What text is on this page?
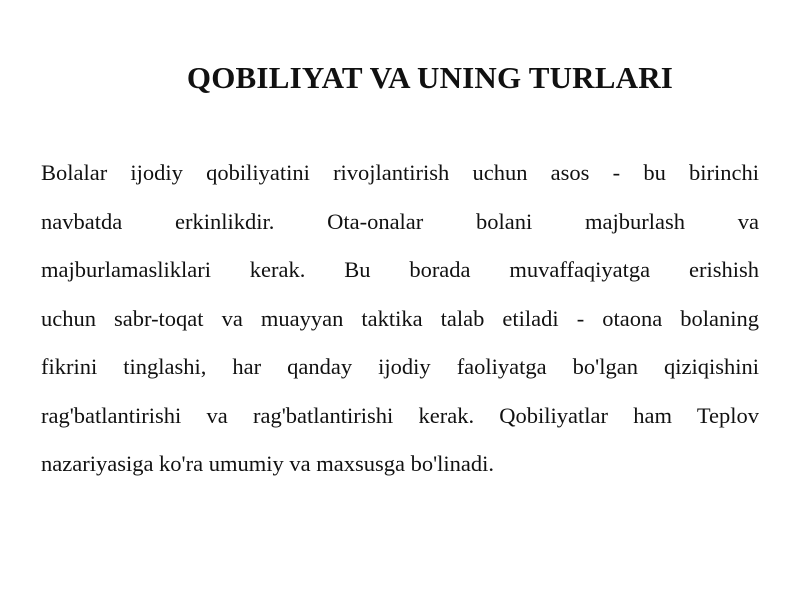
QOBILIYAT VA UNING TURLARI
Bolalar ijodiy qobiliyatini rivojlantirish uchun asos - bu birinchi
navbatda erkinlikdir. Ota-onalar bolani majburlash va
majburlamasliklari kerak. Bu borada muvaffaqiyatga erishish
uchun sabr-toqat va muayyan taktika talab etiladi - otaona bolaning
fikrini tinglashi, har qanday ijodiy faoliyatga bo'lgan qiziqishini
rag'batlantirishi va rag'batlantirishi kerak. Qobiliyatlar ham Teplov
nazariyasiga ko'ra umumiy va maxsusga bo'linadi.
